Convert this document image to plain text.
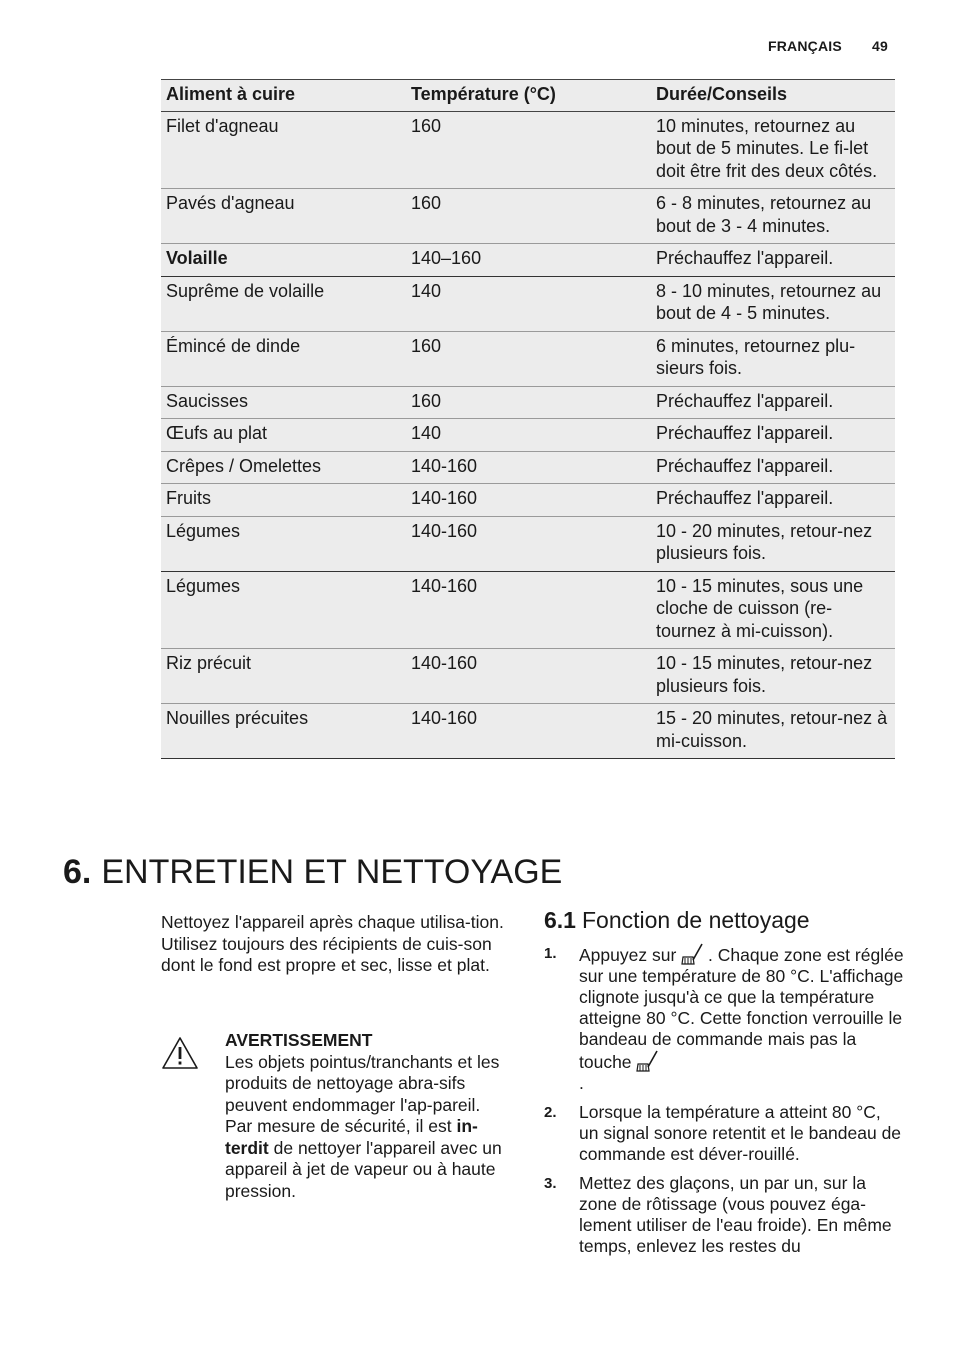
FRANÇAIS 49
Aliment à cuire	Température (°C)	Durée/Conseils
Filet d'agneau	160	10 minutes, retournez au bout de 5 minutes. Le fi-let doit être frit des deux côtés.
Pavés d'agneau	160	6 - 8 minutes, retournez au bout de 3 - 4 minutes.
Volaille	140–160	Préchauffez l'appareil.
Suprême de volaille	140	8 - 10 minutes, retournez au bout de 4 - 5 minutes.
Émincé de dinde	160	6 minutes, retournez plu-sieurs fois.
Saucisses	160	Préchauffez l'appareil.
Œufs au plat	140	Préchauffez l'appareil.
Crêpes / Omelettes	140-160	Préchauffez l'appareil.
Fruits	140-160	Préchauffez l'appareil.
Légumes	140-160	10 - 20 minutes, retour-nez plusieurs fois.
Légumes	140-160	10 - 15 minutes, sous une cloche de cuisson (re-tournez à mi-cuisson).
Riz précuit	140-160	10 - 15 minutes, retour-nez plusieurs fois.
Nouilles précuites	140-160	15 - 20 minutes, retour-nez à mi-cuisson.
6. ENTRETIEN ET NETTOYAGE
Nettoyez l'appareil après chaque utilisa-tion.
Utilisez toujours des récipients de cuis-son dont le fond est propre et sec, lisse et plat.
AVERTISSEMENT
Les objets pointus/tranchants et les produits de nettoyage abra-sifs peuvent endommager l'ap-pareil.
Par mesure de sécurité, il est in-terdit de nettoyer l'appareil avec un appareil à jet de vapeur ou à haute pression.
6.1 Fonction de nettoyage
1. Appuyez sur  . Chaque zone est réglée sur une température de 80 °C. L'affichage clignote jusqu'à ce que la température atteigne 80 °C. Cette fonction verrouille le bandeau de commande mais pas la touche
.
2. Lorsque la température a atteint 80 °C, un signal sonore retentit et le bandeau de commande est déver-rouillé.
3. Mettez des glaçons, un par un, sur la zone de rôtissage (vous pouvez éga-lement utiliser de l'eau froide). En même temps, enlevez les restes du
